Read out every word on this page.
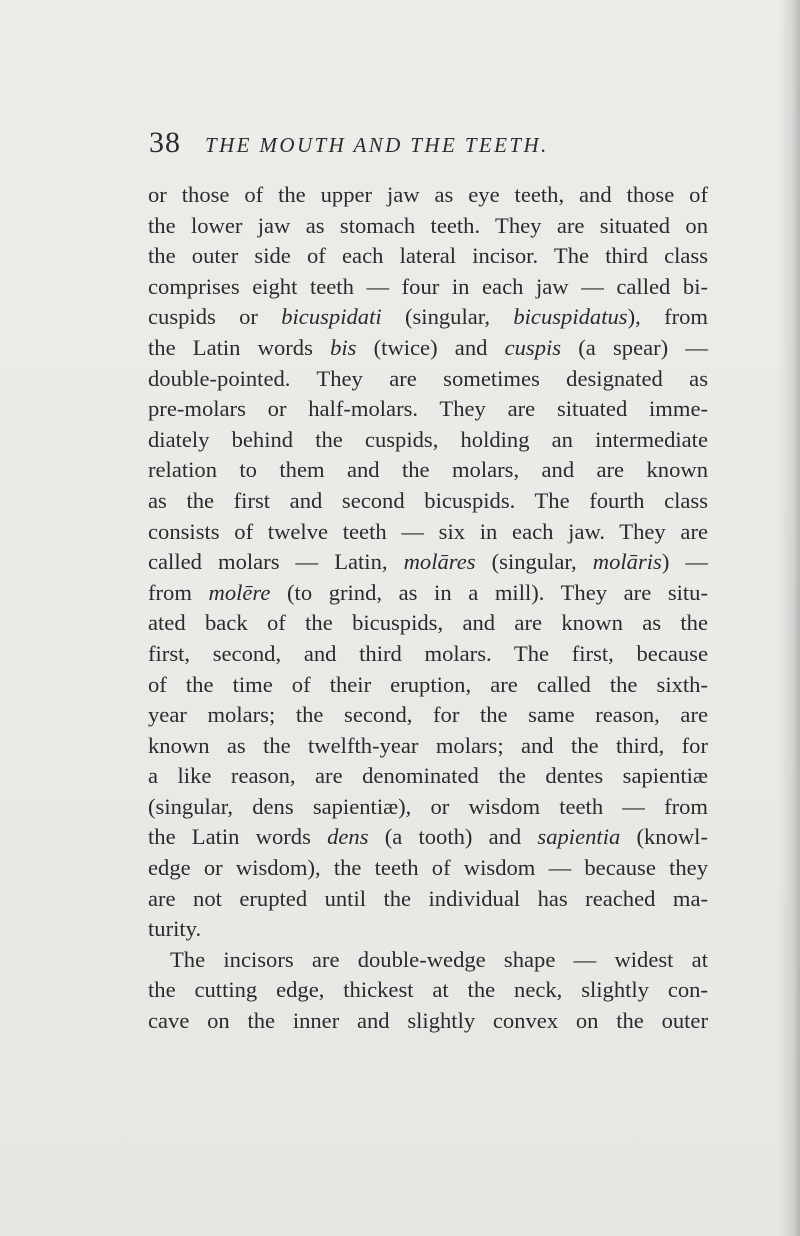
38	THE MOUTH AND THE TEETH.
or those of the upper jaw as eye teeth, and those of
the lower jaw as stomach teeth. They are situated on
the outer side of each lateral incisor. The third class
comprises eight teeth — four in each jaw — called bi-
cuspids or bicuspidati (singular, bicuspidatus), from
the Latin words bis (twice) and cuspis (a spear) —
double-pointed. They are sometimes designated as
pre-molars or half-molars. They are situated imme-
diately behind the cuspids, holding an intermediate
relation to them and the molars, and are known
as the first and second bicuspids. The fourth class
consists of twelve teeth — six in each jaw. They are
called molars — Latin, molāres (singular, molāris) —
from molēre (to grind, as in a mill). They are situ-
ated back of the bicuspids, and are known as the
first, second, and third molars. The first, because
of the time of their eruption, are called the sixth-
year molars; the second, for the same reason, are
known as the twelfth-year molars; and the third, for
a like reason, are denominated the dentes sapientiæ
(singular, dens sapientiæ), or wisdom teeth — from
the Latin words dens (a tooth) and sapientia (knowl-
edge or wisdom), the teeth of wisdom — because they
are not erupted until the individual has reached ma-
turity.
The incisors are double-wedge shape — widest at
the cutting edge, thickest at the neck, slightly con-
cave on the inner and slightly convex on the outer
